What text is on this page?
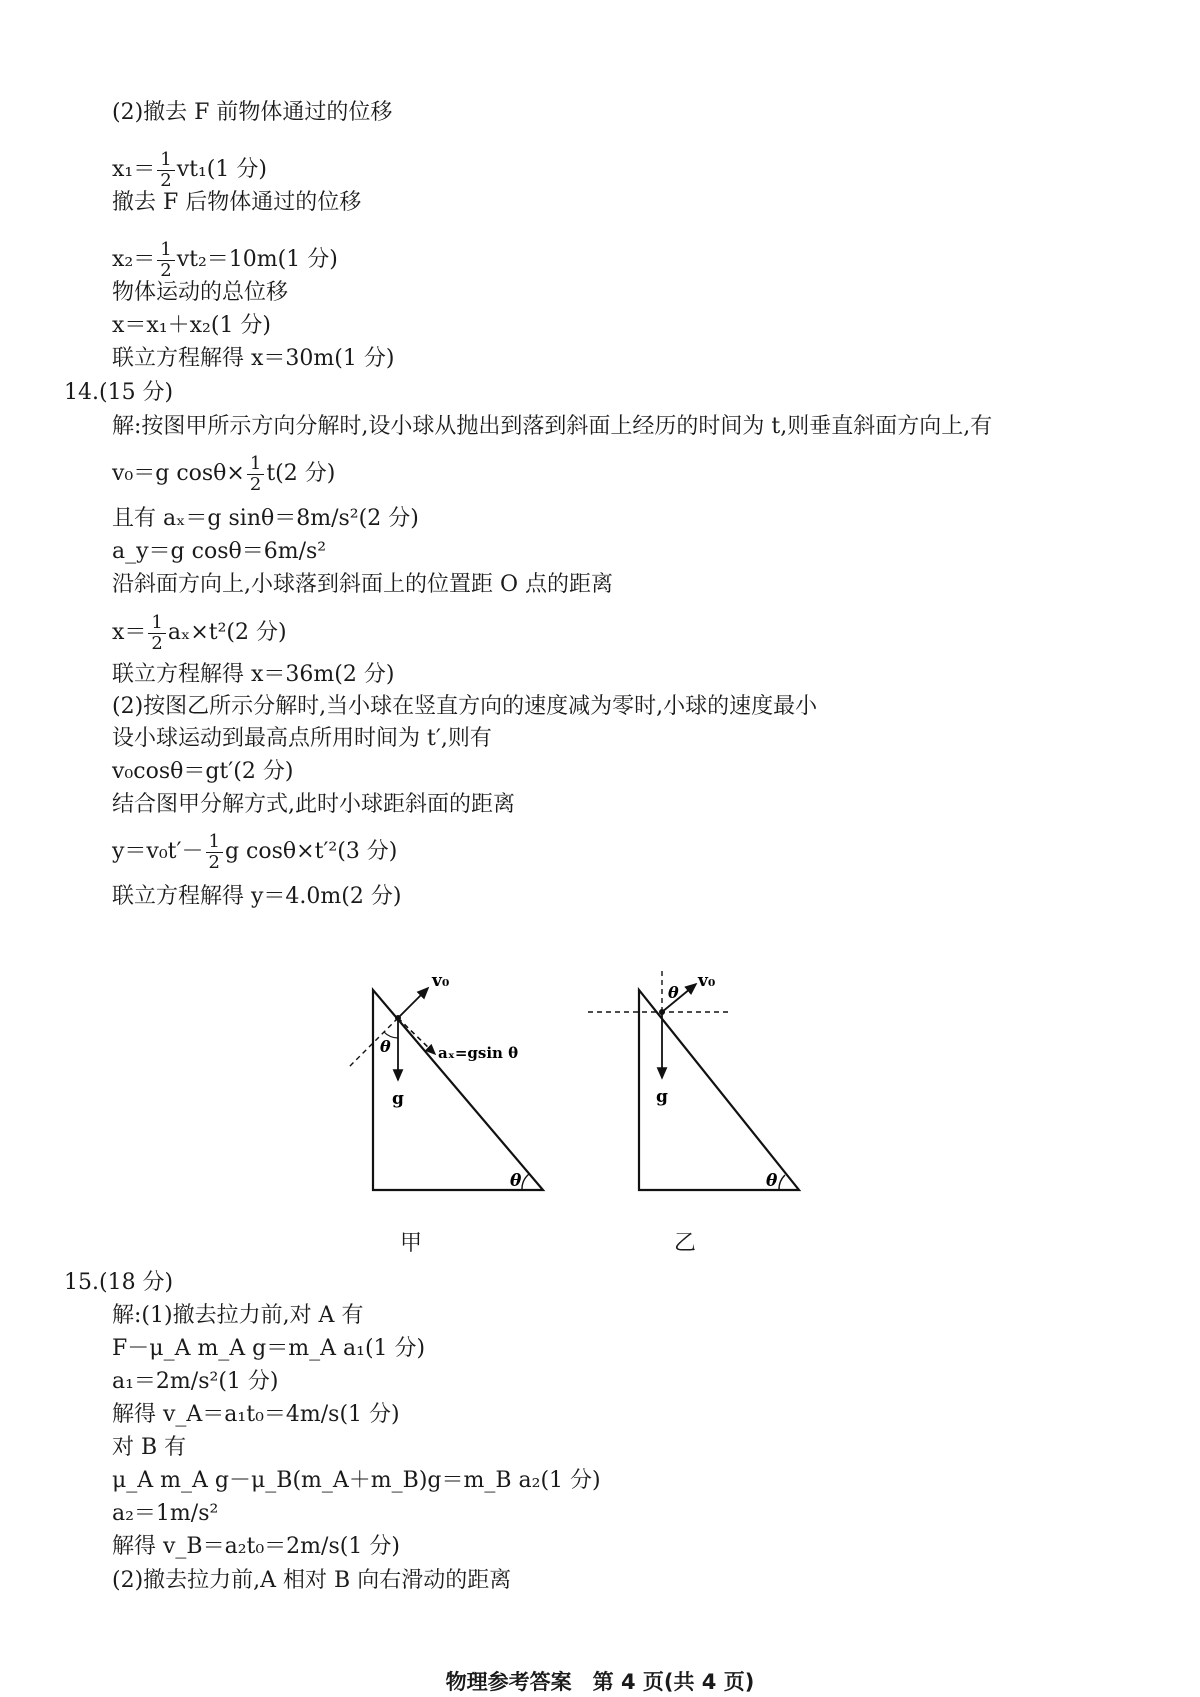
(2)撤去 F 前物体通过的位移
$x_1= \frac{1}{2} vt_1(1$ 分)
撤去 F 后物体通过的位移
$x_2= \frac{1}{2} vt_2=10m(1$ 分)
物体运动的总位移
x＝x₁＋x₂(1 分)
联立方程解得 x＝30m(1 分)
14.(15 分)
解:按图甲所示方向分解时,设小球从抛出到落到斜面上经历的时间为 t,则垂直斜面方向上,有
v₀＝g $\cos\theta\times \frac{1}{2} t(2$ 分)
且有 aₓ＝g sinθ＝8m/s²(2 分)
a_y＝g cosθ＝6m/s²
沿斜面方向上,小球落到斜面上的位置距 O 点的距离
$x= \frac{1}{2} a_x\times t^2(2$ 分)
联立方程解得 x＝36m(2 分)
(2)按图乙所示分解时,当小球在竖直方向的速度减为零时,小球的速度最小
设小球运动到最高点所用时间为 t′,则有
v₀cosθ＝gt′(2 分)
结合图甲分解方式,此时小球距斜面的距离
$y=v_0t'- \frac{1}{2}$ g cosθ×t′²(3 分)
联立方程解得 y＝4.0m(2 分)
θ
v₀
g
aₓ=gsin θ
θ
θ
v₀
θ
g
甲	乙
15.(18 分)
解:(1)撤去拉力前,对 A 有
F－μ_A m_A g＝m_A a₁(1 分)
a₁＝2m/s²(1 分)
解得 v_A＝a₁t₀＝4m/s(1 分)
对 B 有
μ_A m_A g－μ_B(m_A＋m_B)g＝m_B a₂(1 分)
a₂＝1m/s²
解得 v_B＝a₂t₀＝2m/s(1 分)
(2)撤去拉力前,A 相对 B 向右滑动的距离
物理参考答案　第 4 页(共 4 页)
